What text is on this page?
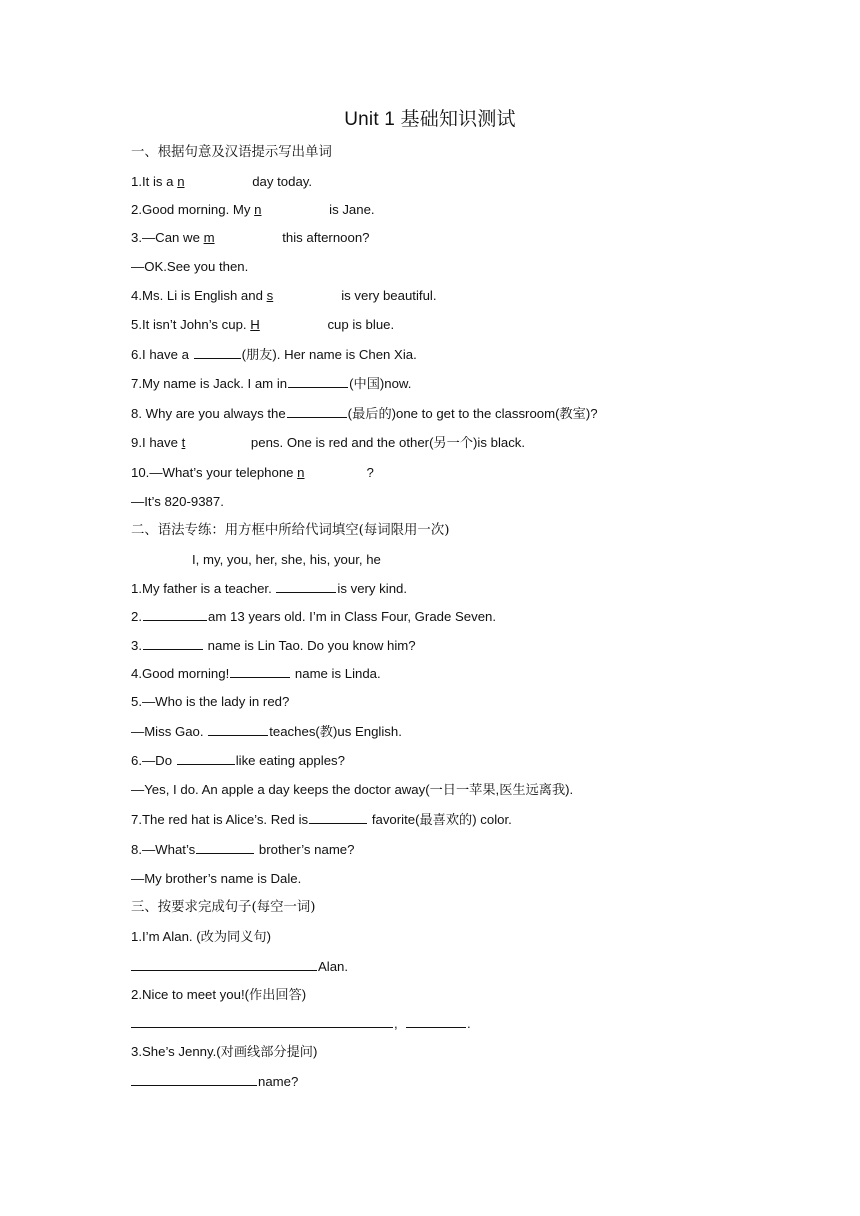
Unit 1 基础知识测试
一、根据句意及汉语提示写出单词
1.It is a n	day today.
2.Good morning. My n	is Jane.
3.—Can we m	this afternoon?
—OK.See you then.
4.Ms. Li is English and s	is very beautiful.
5.It isn’t John’s cup. H	cup is blue.
6.I have a	(朋友). Her name is Chen Xia.
7.My name is Jack. I am in	(中国)now.
8. Why are you always the	(最后的)one to get to the classroom(教室)?
9.I have t	pens. One is red and the other(另一个)is black.
10.—What’s your telephone n	?
—It’s 820-9387.
二、语法专练：用方框中所给代词填空(每词限用一次)
I, my, you, her, she, his, your, he
1.My father is a teacher.	is very kind.
2.	am 13 years old. I’m in Class Four, Grade Seven.
3.	name is Lin Tao. Do you know him?
4.Good morning!	name is Linda.
5.—Who is the lady in red?
—Miss Gao.	teaches(教)us English.
6.—Do	like eating apples?
—Yes, I do. An apple a day keeps the doctor away(一日一苹果,医生远离我).
7.The red hat is Alice’s. Red is	favorite(最喜欢的) color.
8.—What’s	brother’s name?
—My brother’s name is Dale.
三、按要求完成句子(每空一词)
1.I’m Alan. (改为同义句)
Alan.
2.Nice to meet you!(作出回答)
,	.
3.She’s Jenny.(对画线部分提问)
name?
